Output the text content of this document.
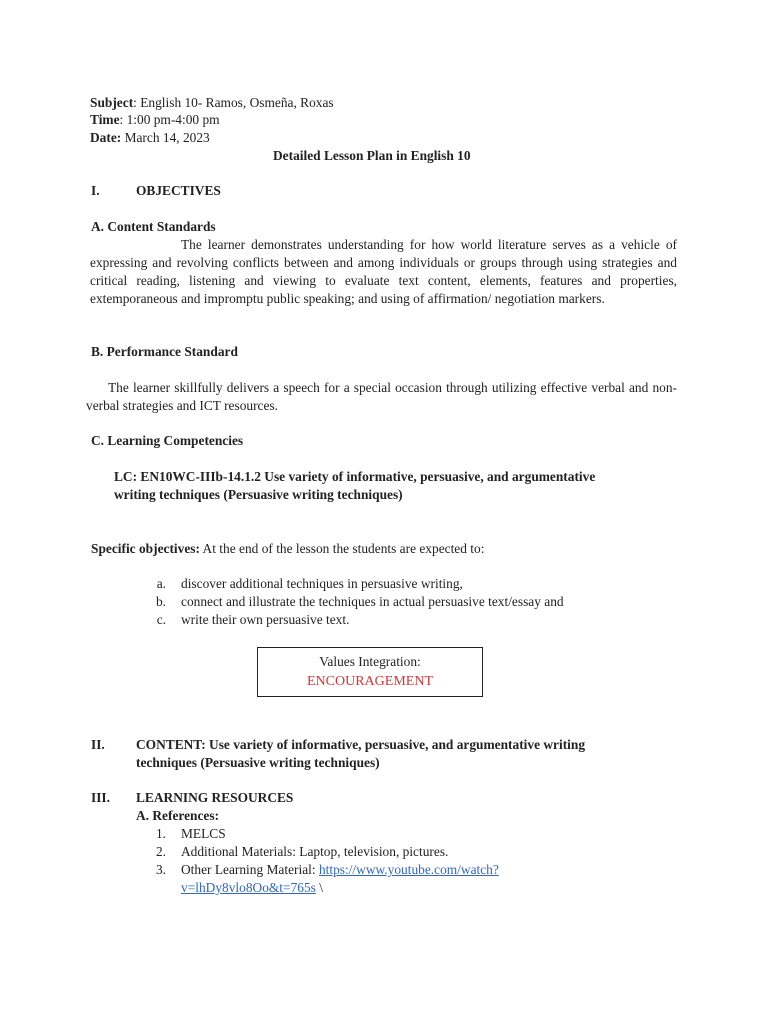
Subject: English 10- Ramos, Osmeña, Roxas
Time: 1:00 pm-4:00 pm
Date: March 14, 2023
Detailed Lesson Plan in English 10
I.	OBJECTIVES
A. Content Standards
The learner demonstrates understanding for how world literature serves as a vehicle of expressing and revolving conflicts between and among individuals or groups through using strategies and critical reading, listening and viewing to evaluate text content, elements, features and properties, extemporaneous and impromptu public speaking; and using of affirmation/ negotiation markers.
B. Performance Standard
The learner skillfully delivers a speech for a special occasion through utilizing effective verbal and non-verbal strategies and ICT resources.
C. Learning Competencies
LC: EN10WC-IIIb-14.1.2 Use variety of informative, persuasive, and argumentative
writing techniques (Persuasive writing techniques)
Specific objectives: At the end of the lesson the students are expected to:
a. discover additional techniques in persuasive writing,
b. connect and illustrate the techniques in actual persuasive text/essay and
c. write their own persuasive text.
Values Integration:
ENCOURAGEMENT
II. CONTENT: Use variety of informative, persuasive, and argumentative writing
techniques (Persuasive writing techniques)
III. LEARNING RESOURCES
A. References:
1. MELCS
2. Additional Materials: Laptop, television, pictures.
3. Other Learning Material: https://www.youtube.com/watch?
v=lhDy8vlo8Oo&t=765s \
